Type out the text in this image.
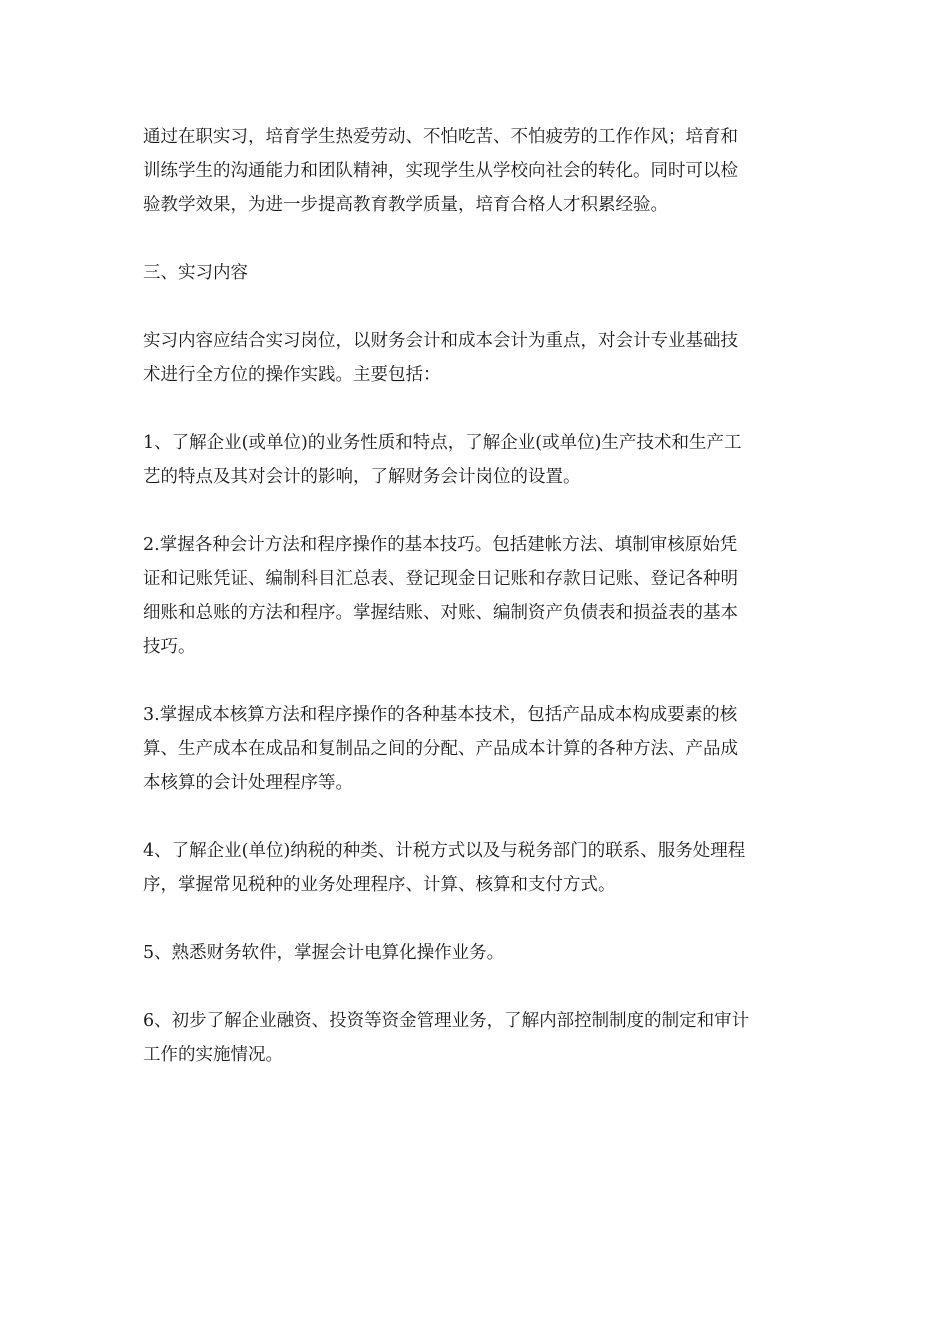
通过在职实习，培育学生热爱劳动、不怕吃苦、不怕疲劳的工作作风；培育和
训练学生的沟通能力和团队精神，实现学生从学校向社会的转化。同时可以检
验教学效果，为进一步提高教育教学质量，培育合格人才积累经验。

三、实习内容

实习内容应结合实习岗位，以财务会计和成本会计为重点，对会计专业基础技
术进行全方位的操作实践。主要包括：

1、了解企业(或单位)的业务性质和特点，了解企业(或单位)生产技术和生产工
艺的特点及其对会计的影响，了解财务会计岗位的设置。

2.掌握各种会计方法和程序操作的基本技巧。包括建帐方法、填制审核原始凭
证和记账凭证、编制科目汇总表、登记现金日记账和存款日记账、登记各种明
细账和总账的方法和程序。掌握结账、对账、编制资产负债表和损益表的基本
技巧。

3.掌握成本核算方法和程序操作的各种基本技术，包括产品成本构成要素的核
算、生产成本在成品和复制品之间的分配、产品成本计算的各种方法、产品成
本核算的会计处理程序等。

4、了解企业(单位)纳税的种类、计税方式以及与税务部门的联系、服务处理程
序，掌握常见税种的业务处理程序、计算、核算和支付方式。

5、熟悉财务软件，掌握会计电算化操作业务。

6、初步了解企业融资、投资等资金管理业务，了解内部控制制度的制定和审计
工作的实施情况。
